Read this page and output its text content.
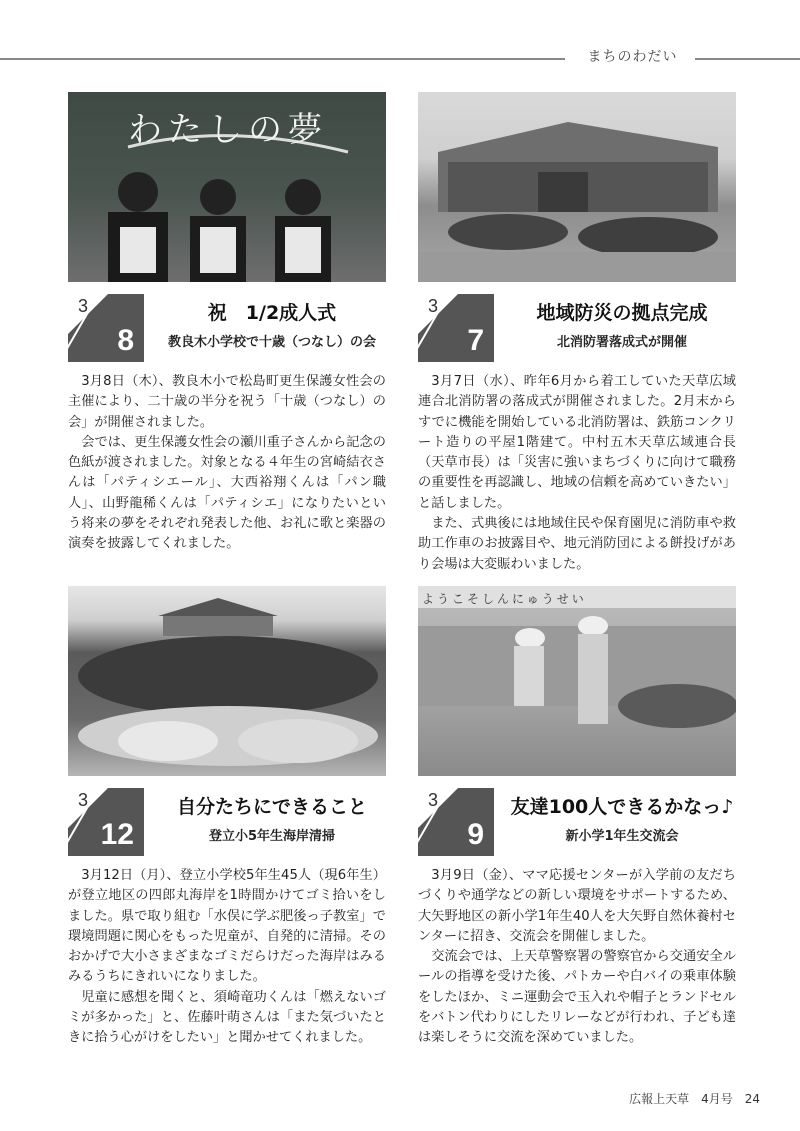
まちのわだい
わたしの夢
3
8
祝　1/2成人式
教良木小学校で十歳（つなし）の会

3月8日（木）、教良木小で松島町更生保護女性会の主催により、二十歳の半分を祝う「十歳（つなし）の会」が開催されました。

会では、更生保護女性会の瀬川重子さんから記念の色紙が渡されました。対象となる４年生の宮崎結衣さんは「パティシエール」、大西裕翔くんは「パン職人」、山野龍稀くんは「パティシエ」になりたいという将来の夢をそれぞれ発表した他、お礼に歌と楽器の演奏を披露してくれました。

3
7
地域防災の拠点完成
北消防署落成式が開催

3月7日（水）、昨年6月から着工していた天草広域連合北消防署の落成式が開催されました。2月末からすでに機能を開始している北消防署は、鉄筋コンクリート造りの平屋1階建て。中村五木天草広域連合長（天草市長）は「災害に強いまちづくりに向けて職務の重要性を再認識し、地域の信頼を高めていきたい」と話しました。

また、式典後には地域住民や保育園児に消防車や救助工作車のお披露目や、地元消防団による餅投げがあり会場は大変賑わいました。

3
12
自分たちにできること
登立小5年生海岸清掃

3月12日（月）、登立小学校5年生45人（現6年生）が登立地区の四郎丸海岸を1時間かけてゴミ拾いをしました。県で取り組む「水俣に学ぶ肥後っ子教室」で環境問題に関心をもった児童が、自発的に清掃。そのおかげで大小さまざまなゴミだらけだった海岸はみるみるうちにきれいになりました。

児童に感想を聞くと、須崎竜功くんは「燃えないゴミが多かった」と、佐藤叶萌さんは「また気づいたときに拾う心がけをしたい」と聞かせてくれました。

ようこそしんにゅうせい
3
9
友達100人できるかなっ♪
新小学1年生交流会

3月9日（金）、ママ応援センターが入学前の友だちづくりや通学などの新しい環境をサポートするため、大矢野地区の新小学1年生40人を大矢野自然休養村センターに招き、交流会を開催しました。

交流会では、上天草警察署の警察官から交通安全ルールの指導を受けた後、パトカーや白バイの乗車体験をしたほか、ミニ運動会で玉入れや帽子とランドセルをバトン代わりにしたリレーなどが行われ、子ども達は楽しそうに交流を深めていました。

広報上天草　4月号　24
